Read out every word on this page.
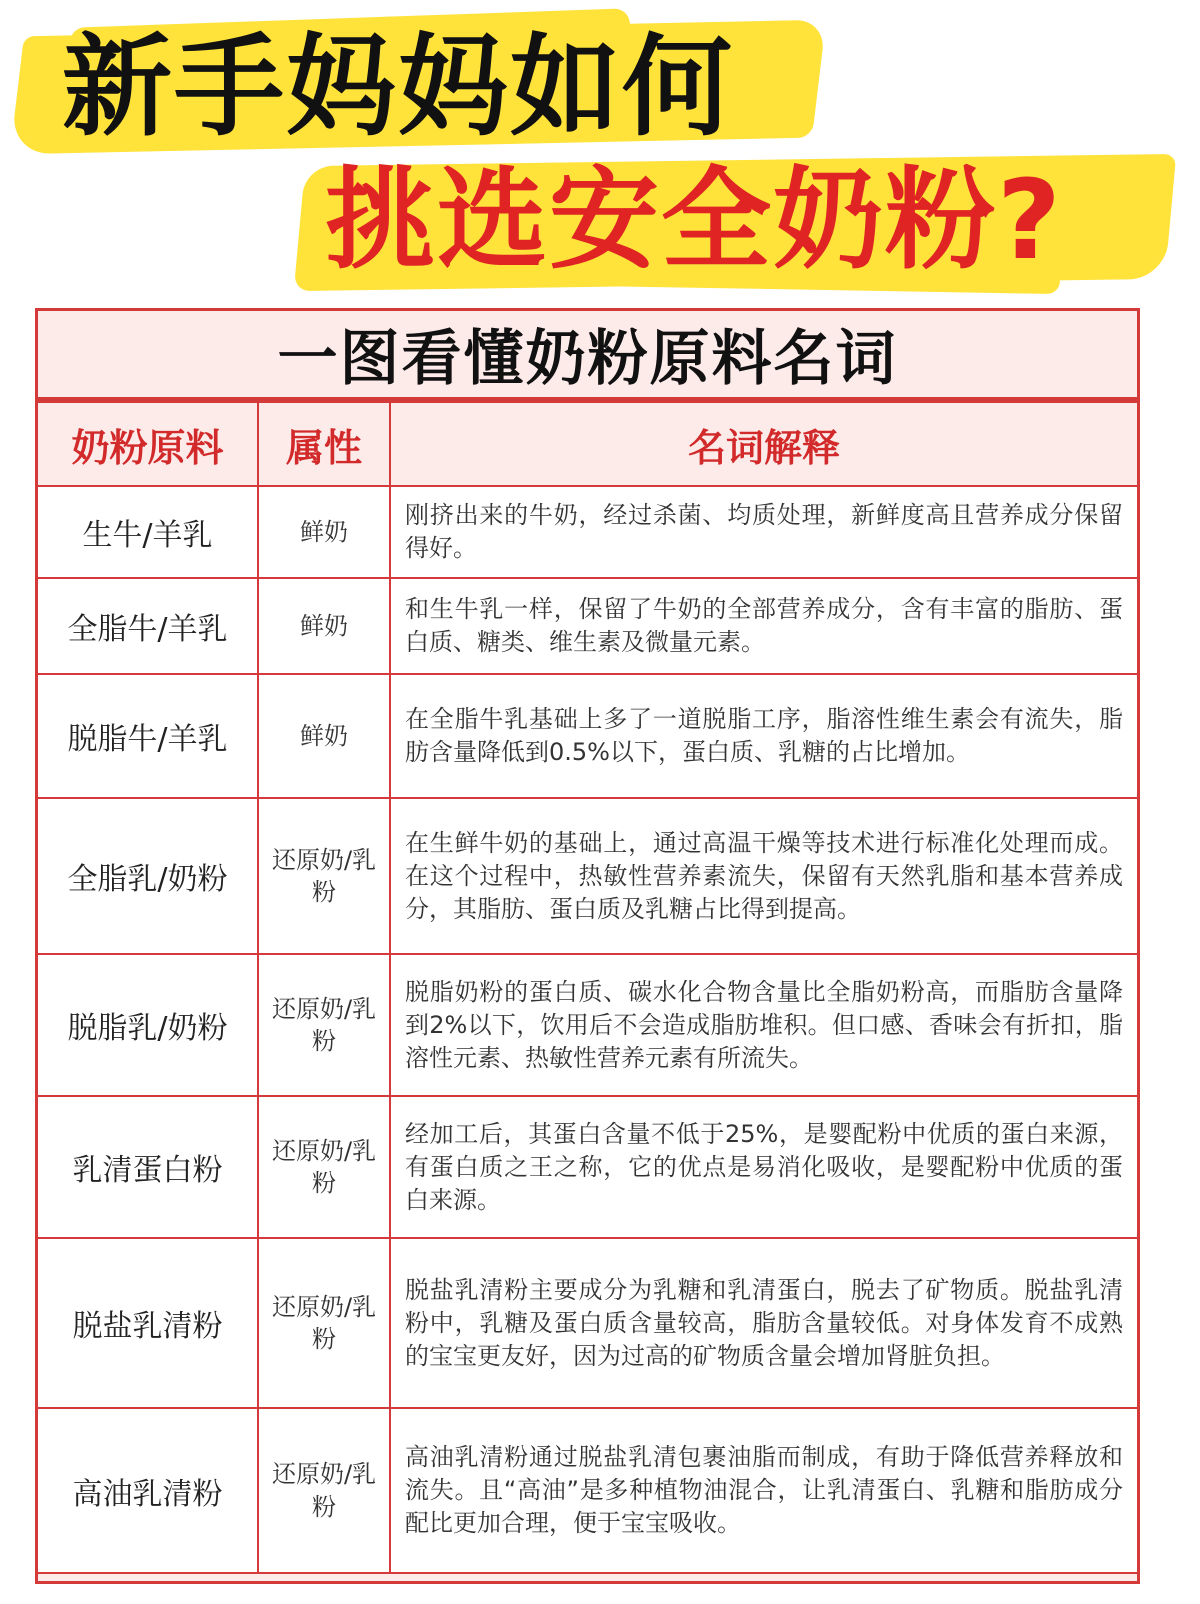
新手妈妈如何
挑选安全奶粉?
一图看懂奶粉原料名词
奶粉原料	属性	名词解释
生牛/羊乳	鲜奶	刚挤出来的牛奶，经过杀菌、均质处理，新鲜度高且营养成分保留得好。
全脂牛/羊乳	鲜奶	和生牛乳一样，保留了牛奶的全部营养成分，含有丰富的脂肪、蛋白质、糖类、维生素及微量元素。
脱脂牛/羊乳	鲜奶	在全脂牛乳基础上多了一道脱脂工序，脂溶性维生素会有流失，脂肪含量降低到0.5%以下，蛋白质、乳糖的占比增加。
全脂乳/奶粉	还原奶/乳粉	在生鲜牛奶的基础上，通过高温干燥等技术进行标准化处理而成。在这个过程中，热敏性营养素流失，保留有天然乳脂和基本营养成分，其脂肪、蛋白质及乳糖占比得到提高。
脱脂乳/奶粉	还原奶/乳粉	脱脂奶粉的蛋白质、碳水化合物含量比全脂奶粉高，而脂肪含量降到2%以下，饮用后不会造成脂肪堆积。但口感、香味会有折扣，脂溶性元素、热敏性营养元素有所流失。
乳清蛋白粉	还原奶/乳粉	经加工后，其蛋白含量不低于25%，是婴配粉中优质的蛋白来源，有蛋白质之王之称，它的优点是易消化吸收，是婴配粉中优质的蛋白来源。
脱盐乳清粉	还原奶/乳粉	脱盐乳清粉主要成分为乳糖和乳清蛋白，脱去了矿物质。脱盐乳清粉中，乳糖及蛋白质含量较高，脂肪含量较低。对身体发育不成熟的宝宝更友好，因为过高的矿物质含量会增加肾脏负担。
高油乳清粉	还原奶/乳粉	高油乳清粉通过脱盐乳清包裹油脂而制成，有助于降低营养释放和流失。且“高油”是多种植物油混合，让乳清蛋白、乳糖和脂肪成分配比更加合理，便于宝宝吸收。
